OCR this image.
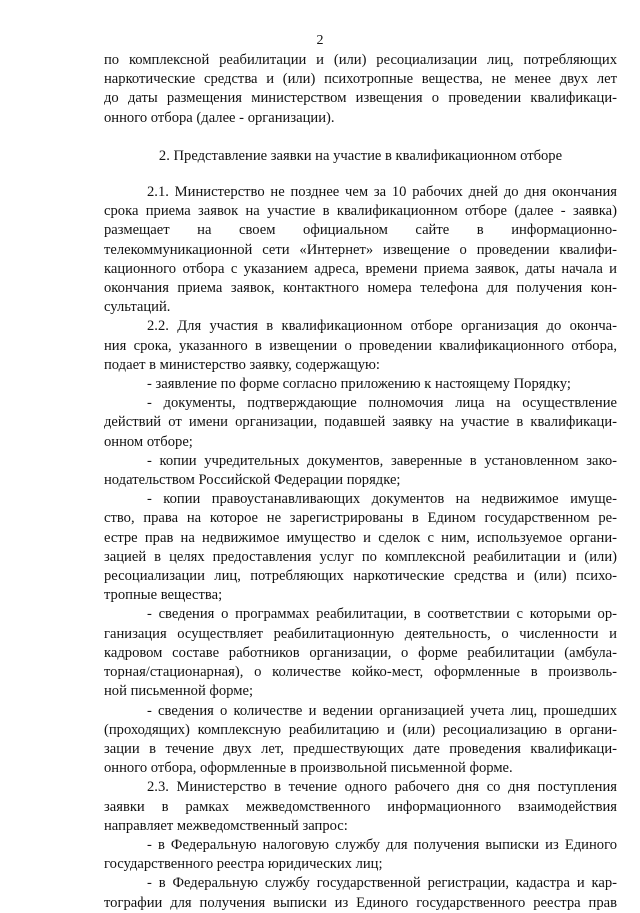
2
по комплексной реабилитации и (или) ресоциализации лиц, потребляющих
наркотические средства и (или) психотропные вещества, не менее двух лет
до даты размещения министерством извещения о проведении квалификаци-
онного отбора (далее - организации).
2. Представление заявки на участие в квалификационном отборе
2.1. Министерство не позднее чем за 10 рабочих дней до дня окончания
срока приема заявок на участие в квалификационном отборе (далее - заявка)
размещает на своем официальном сайте в информационно-
телекоммуникационной сети «Интернет» извещение о проведении квалифи-
кационного отбора с указанием адреса, времени приема заявок, даты начала и
окончания приема заявок, контактного номера телефона для получения кон-
сультаций.
2.2. Для участия в квалификационном отборе организация до оконча-
ния срока, указанного в извещении о проведении квалификационного отбора,
подает в министерство заявку, содержащую:
- заявление по форме согласно приложению к настоящему Порядку;
- документы, подтверждающие полномочия лица на осуществление
действий от имени организации, подавшей заявку на участие в квалификаци-
онном отборе;
- копии учредительных документов, заверенные в установленном зако-
нодательством Российской Федерации порядке;
- копии правоустанавливающих документов на недвижимое имуще-
ство, права на которое не зарегистрированы в Едином государственном ре-
естре прав на недвижимое имущество и сделок с ним, используемое органи-
зацией в целях предоставления услуг по комплексной реабилитации и (или)
ресоциализации лиц, потребляющих наркотические средства и (или) психо-
тропные вещества;
- сведения о программах реабилитации, в соответствии с которыми ор-
ганизация осуществляет реабилитационную деятельность, о численности и
кадровом составе работников организации, о форме реабилитации (амбула-
торная/стационарная), о количестве койко-мест, оформленные в произволь-
ной письменной форме;
- сведения о количестве и ведении организацией учета лиц, прошедших
(проходящих) комплексную реабилитацию и (или) ресоциализацию в органи-
зации в течение двух лет, предшествующих дате проведения квалификаци-
онного отбора, оформленные в произвольной письменной форме.
2.3. Министерство в течение одного рабочего дня со дня поступления
заявки в рамках межведомственного информационного взаимодействия
направляет межведомственный запрос:
- в Федеральную налоговую службу для получения выписки из Единого
государственного реестра юридических лиц;
- в Федеральную службу государственной регистрации, кадастра и кар-
тографии для получения выписки из Единого государственного реестра прав
